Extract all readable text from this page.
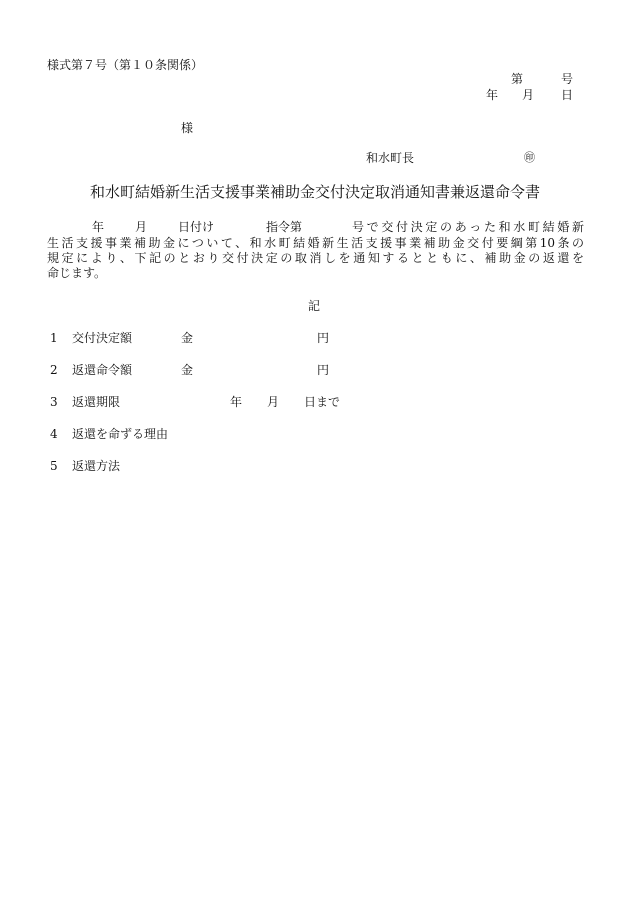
様式第７号（第１０条関係）
第	号
年 月 日
様
和水町長	㊞
和水町結婚新生活支援事業補助金交付決定取消通知書兼返還命令書
年	月	日付け	指令第	号で交付決定のあった和水町結婚新
生活支援事業補助金について、和水町結婚新生活支援事業補助金交付要綱第10条の
規定により、下記のとおり交付決定の取消しを通知するとともに、補助金の返還を
命じます。
記
1 交付決定額	金	円
2 返還命令額	金	円
3 返還期限	年 月 日まで
4 返還を命ずる理由
5 返還方法
